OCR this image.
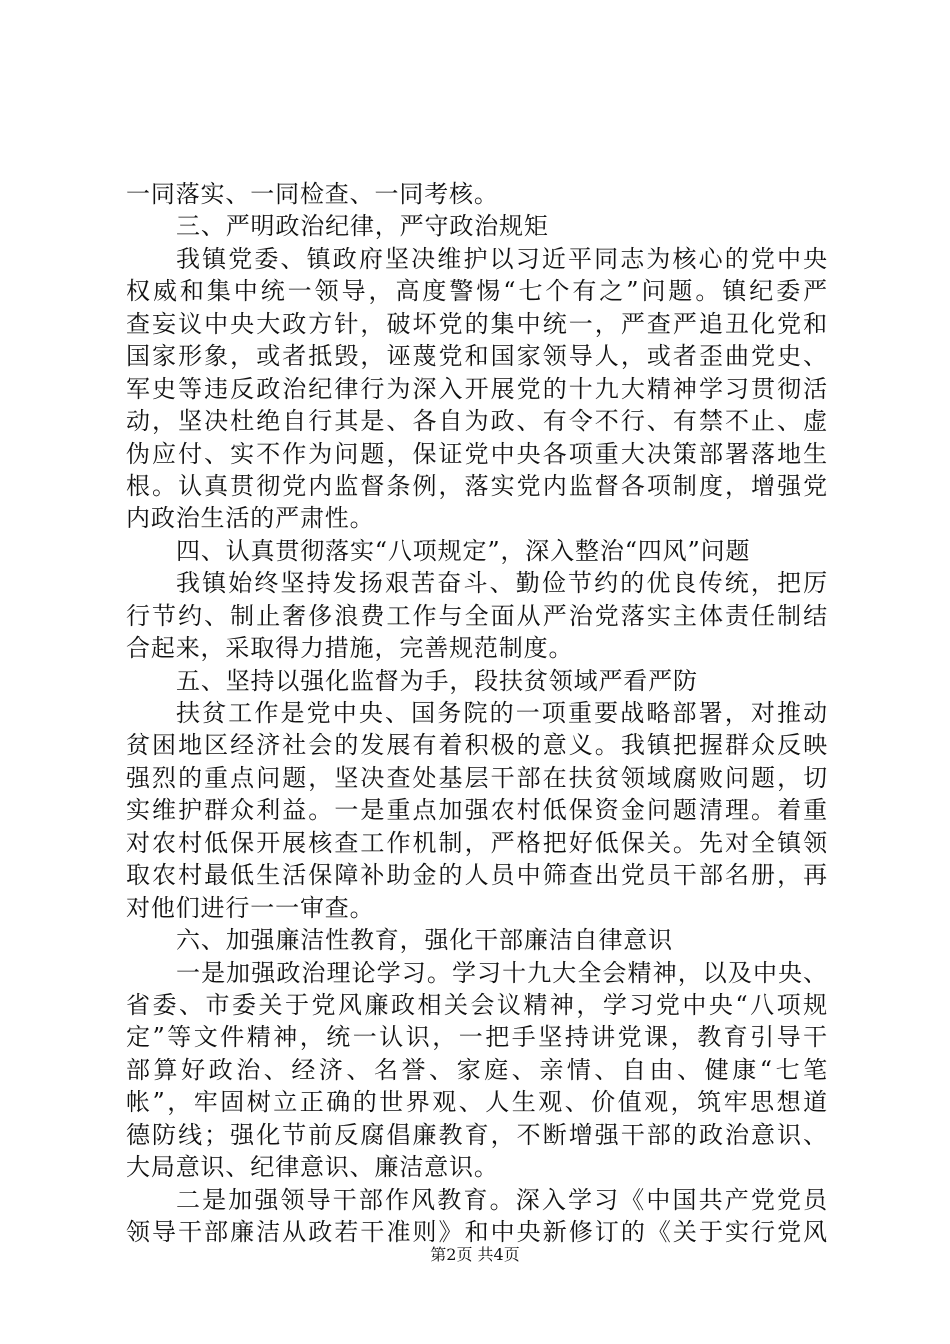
一同落实、一同检查、一同考核。
三、严明政治纪律，严守政治规矩
我镇党委、镇政府坚决维护以习近平同志为核心的党中央
权威和集中统一领导，高度警惕“七个有之”问题。镇纪委严
查妄议中央大政方针，破坏党的集中统一，严查严追丑化党和
国家形象，或者抵毁，诬蔑党和国家领导人，或者歪曲党史、
军史等违反政治纪律行为深入开展党的十九大精神学习贯彻活
动，坚决杜绝自行其是、各自为政、有令不行、有禁不止、虚
伪应付、实不作为问题，保证党中央各项重大决策部署落地生
根。认真贯彻党内监督条例，落实党内监督各项制度，增强党
内政治生活的严肃性。
四、认真贯彻落实“八项规定”，深入整治“四风”问题
我镇始终坚持发扬艰苦奋斗、勤俭节约的优良传统，把厉
行节约、制止奢侈浪费工作与全面从严治党落实主体责任制结
合起来，采取得力措施，完善规范制度。
五、坚持以强化监督为手，段扶贫领域严看严防
扶贫工作是党中央、国务院的一项重要战略部署，对推动
贫困地区经济社会的发展有着积极的意义。我镇把握群众反映
强烈的重点问题，坚决查处基层干部在扶贫领域腐败问题，切
实维护群众利益。一是重点加强农村低保资金问题清理。着重
对农村低保开展核查工作机制，严格把好低保关。先对全镇领
取农村最低生活保障补助金的人员中筛查出党员干部名册，再
对他们进行一一审查。
六、加强廉洁性教育，强化干部廉洁自律意识
一是加强政治理论学习。学习十九大全会精神，以及中央、
省委、市委关于党风廉政相关会议精神，学习党中央“八项规
定”等文件精神，统一认识，一把手坚持讲党课，教育引导干
部算好政治、经济、名誉、家庭、亲情、自由、健康“七笔
帐”，牢固树立正确的世界观、人生观、价值观，筑牢思想道
德防线；强化节前反腐倡廉教育，不断增强干部的政治意识、
大局意识、纪律意识、廉洁意识。
二是加强领导干部作风教育。深入学习《中国共产党党员
领导干部廉洁从政若干准则》和中央新修订的《关于实行党风
第2页 共4页
